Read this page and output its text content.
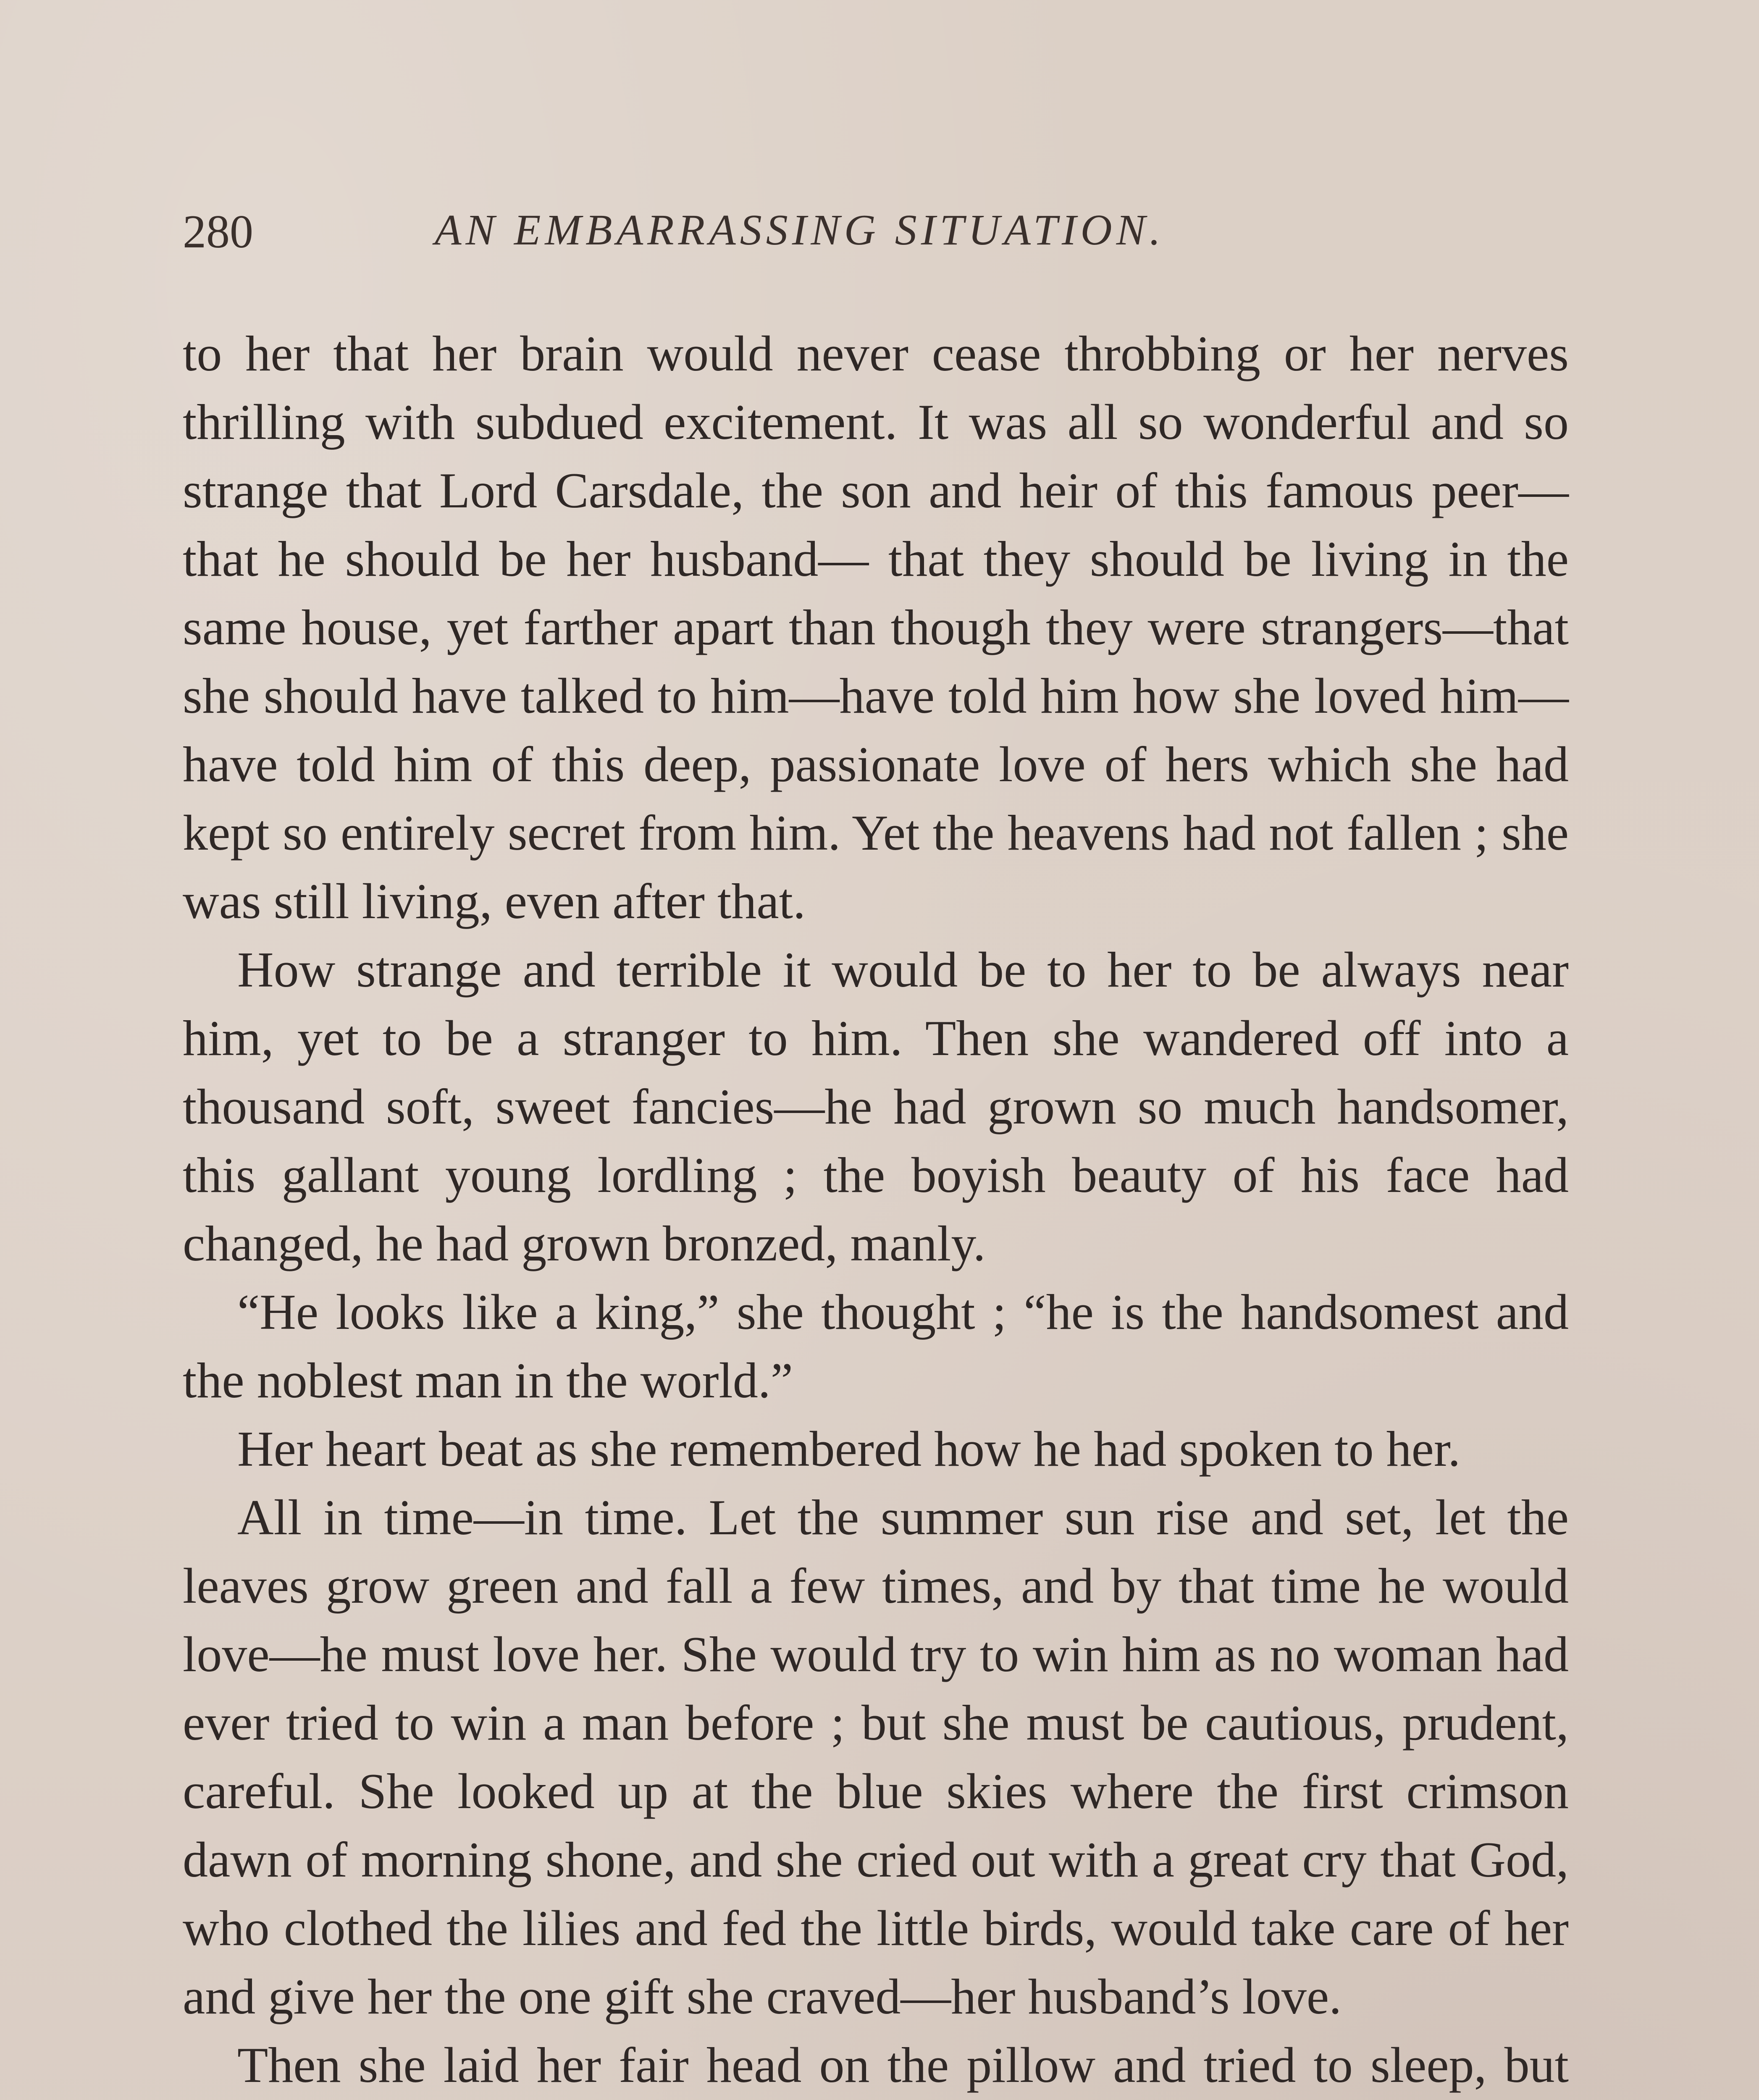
280	AN EMBARRASSING SITUATION.

to her that her brain would never cease throbbing or her nerves thrilling with subdued excitement. It was all so wonderful and so strange that Lord Carsdale, the son and heir of this famous peer—that he should be her husband— that they should be living in the same house, yet farther apart than though they were strangers—that she should have talked to him—have told him how she loved him— have told him of this deep, passionate love of hers which she had kept so entirely secret from him. Yet the heavens had not fallen ; she was still living, even after that.

How strange and terrible it would be to her to be always near him, yet to be a stranger to him. Then she wandered off into a thousand soft, sweet fancies—he had grown so much handsomer, this gallant young lordling ; the boyish beauty of his face had changed, he had grown bronzed, manly.

“He looks like a king,” she thought ; “he is the handsomest and the noblest man in the world.”

Her heart beat as she remembered how he had spoken to her.

All in time—in time. Let the summer sun rise and set, let the leaves grow green and fall a few times, and by that time he would love—he must love her. She would try to win him as no woman had ever tried to win a man before ; but she must be cautious, prudent, careful. She looked up at the blue skies where the first crimson dawn of morning shone, and she cried out with a great cry that God, who clothed the lilies and fed the little birds, would take care of her and give her the one gift she craved—her husband’s love.

Then she laid her fair head on the pillow and tried to sleep, but
